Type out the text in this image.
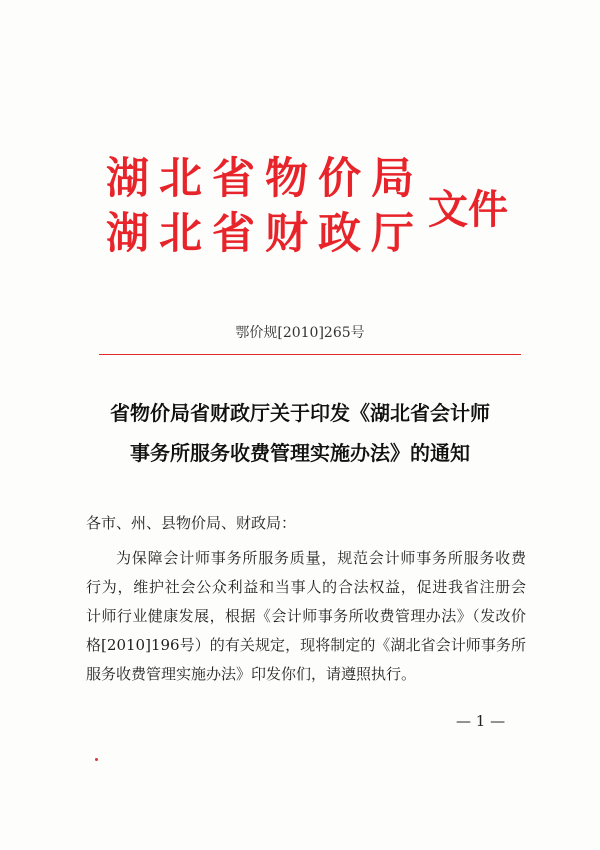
湖北省物价局
湖北省财政厅 文件
鄂价规[2010]265号
省物价局省财政厅关于印发《湖北省会计师
事务所服务收费管理实施办法》的通知
各市、州、县物价局、财政局：
为保障会计师事务所服务质量，规范会计师事务所服务收费
行为，维护社会公众利益和当事人的合法权益，促进我省注册会
计师行业健康发展，根据《会计师事务所收费管理办法》（发改价
格[2010]196号）的有关规定，现将制定的《湖北省会计师事务所
服务收费管理实施办法》印发你们，请遵照执行。
— 1 —
